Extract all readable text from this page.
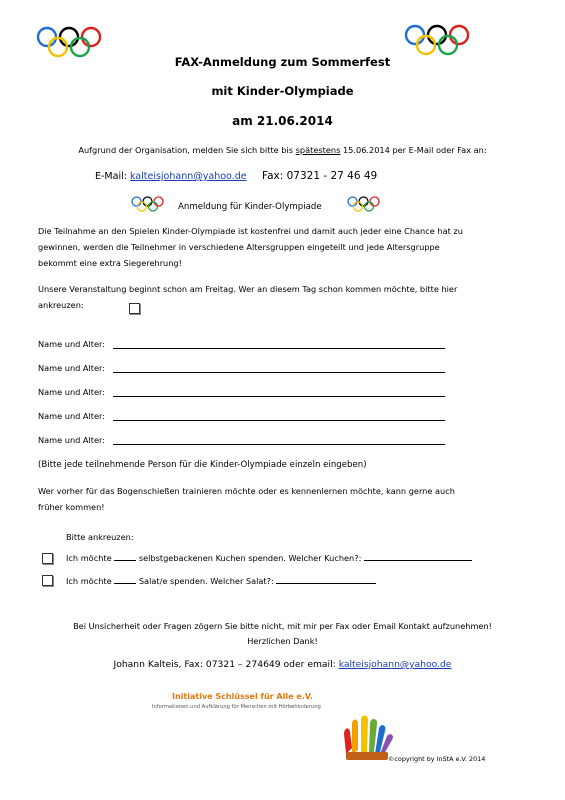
FAX-Anmeldung zum Sommerfest
mit Kinder-Olympiade
am 21.06.2014
Aufgrund der Organisation, melden Sie sich bitte bis spätestens 15.06.2014 per E-Mail oder Fax an:
E-Mail: kalteisjohann@yahoo.de Fax: 07321 - 27 46 49
Anmeldung für Kinder-Olympiade
Die Teilnahme an den Spielen Kinder-Olympiade ist kostenfrei und damit auch jeder eine Chance hat zu
gewinnen, werden die Teilnehmer in verschiedene Altersgruppen eingeteilt und jede Altersgruppe
bekommt eine extra Siegerehrung!
Unsere Veranstaltung beginnt schon am Freitag. Wer an diesem Tag schon kommen möchte, bitte hier
ankreuzen:
Name und Alter:
Name und Alter:
Name und Alter:
Name und Alter:
Name und Alter:
(Bitte jede teilnehmende Person für die Kinder-Olympiade einzeln eingeben)
Wer vorher für das Bogenschießen trainieren möchte oder es kennenlernen möchte, kann gerne auch
früher kommen!
Bitte ankreuzen:
Ich möchte	selbstgebackenen Kuchen spenden. Welcher Kuchen?:
Ich möchte	Salat/e spenden. Welcher Salat?:
Bei Unsicherheit oder Fragen zögern Sie bitte nicht, mit mir per Fax oder Email Kontakt aufzunehmen!
Herzlichen Dank!
Johann Kalteis, Fax: 07321 – 274649 oder email: kalteisjohann@yahoo.de
Initiative Schlüssel für Alle e.V.
Informationen und Aufklärung für Menschen mit Hörbehinderung
©copyright by InStA e.V. 2014
